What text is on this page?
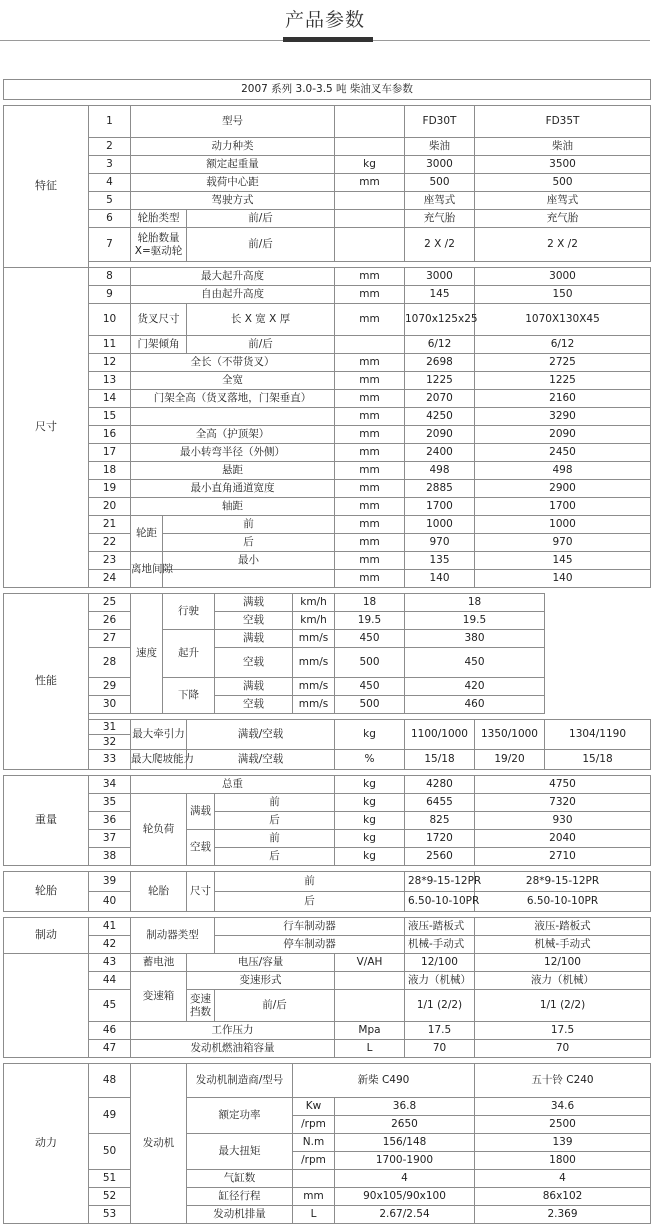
产品参数
2007 系列 3.0-3.5 吨 柴油叉车参数											

特征	1	型号						FD30T	FD35T		
	2	动力种类						柴油	柴油		
	3	额定起重量					kg	3000	3500		
	4	载荷中心距					mm	500	500		
	5	驾驶方式						座驾式	座驾式		
	6	轮胎类型		前/后				充气胎	充气胎		
	7	轮胎数量X=驱动轮		前/后				2 X /2	2 X /2		

尺寸	8	最大起升高度					mm	3000	3000		
	9	自由起升高度					mm	145	150		
	10	货叉尺寸		长 X 宽 X 厚			mm	1070x125x25	1070X130X45		
	11	门架倾角		前/后				6/12	6/12		
	12	全长（不带货叉）					mm	2698	2725		
	13	全宽					mm	1225	1225		
	14	门架全高（货叉落地，门架垂直）					mm	2070	2160		
	15						mm	4250	3290		
	16	全高（护顶架）					mm	2090	2090		
	17	最小转弯半径（外侧）					mm	2400	2450		
	18	悬距					mm	498	498		
	19	最小直角通道宽度					mm	2885	2900		
	20	轴距					mm	1700	1700		
	21	轮距	前				mm	1000	1000		
	22		后				mm	970	970		
	23	离地间隙	最小				mm	135	145		
	24						mm	140	140		

性能	25	速度	行驶		满载	km/h	18	18			
	26				空载	km/h	19.5	19.5			
	27		起升		满载	mm/s	450	380			
	28				空载	mm/s	500	450			
	29		下降		满载	mm/s	450	420			
	30				空载	mm/s	500	460			

	31	最大牵引力		满载/空载			kg	1100/1000	1350/1000	1304/1190	
	32										
	33	最大爬坡能力		满载/空载			%	15/18	19/20	15/18	

重量	34	总重					kg	4280	4750		
	35	轮负荷		满载	前		kg	6455	7320		
	36				后		kg	825	930		
	37			空载	前		kg	1720	2040		
	38				后		kg	2560	2710		

轮胎	39	轮胎		尺寸	前			28*9-15-12PR	28*9-15-12PR		
	40				后			6.50-10-10PR	6.50-10-10PR		

制动	41	制动器类型			行车制动器			液压-踏板式	液压-踏板式		
	42				停车制动器			机械-手动式	机械-手动式		
	43	蓄电池		电压/容量			V/AH	12/100	12/100		
	44	变速箱		变速形式				液力（机械）	液力（机械）		
	45			变速挡数	前/后			1/1 (2/2)	1/1 (2/2)		
	46	工作压力					Mpa	17.5	17.5		
	47	发动机燃油箱容量					L	70	70		

动力	48	发动机		发动机制造商/型号		新柴 C490			五十铃 C240		
	49			额定功率		Kw	36.8		34.6		
						/rpm	2650		2500		
	50			最大扭矩		N.m	156/148		139		
						/rpm	1700-1900		1800		
	51			气缸数			4		4		
	52			缸径行程		mm	90x105/90x100		86x102		
	53			发动机排量		L	2.67/2.54		2.369		
